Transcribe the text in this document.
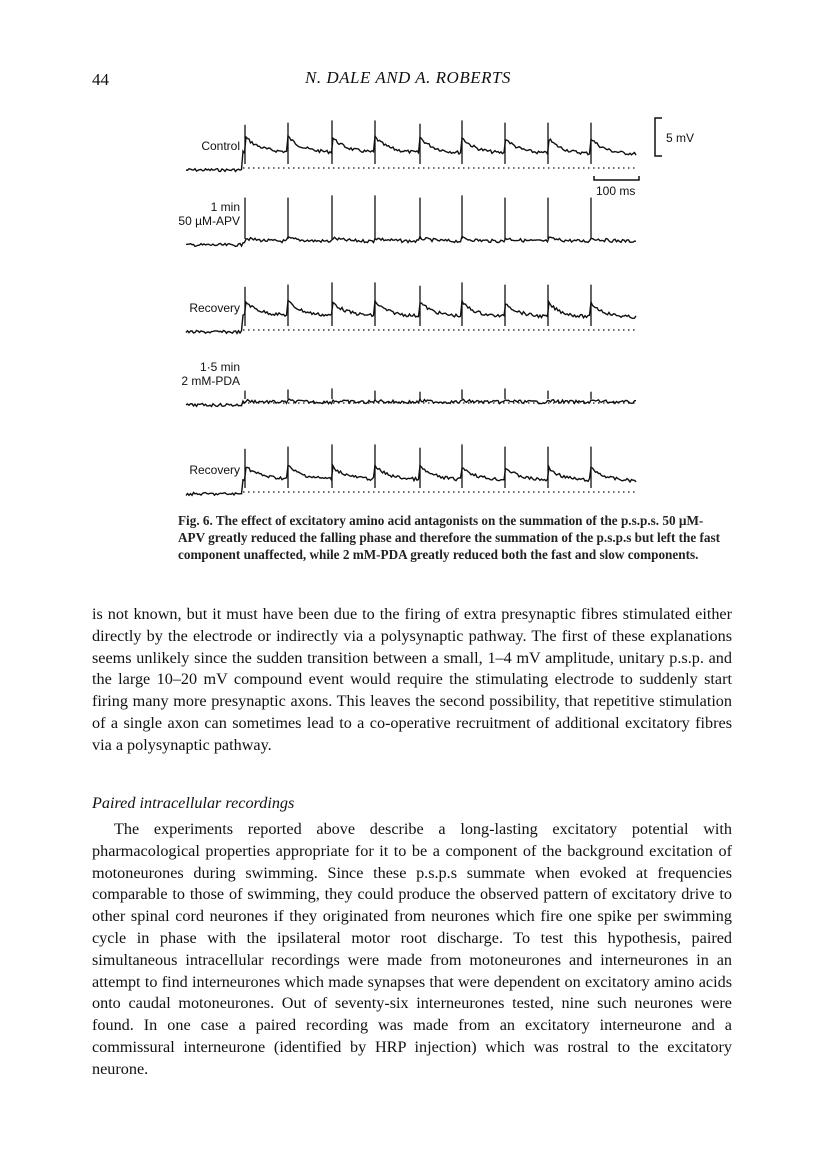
44	N. DALE AND A. ROBERTS
Control
1 min
50 µM-APV
Recovery
1·5 min
2 mM-PDA
Recovery
5 mV
100 ms
Fig. 6. The effect of excitatory amino acid antagonists on the summation of the p.s.p.s. 50 µM-APV greatly reduced the falling phase and therefore the summation of the p.s.p.s but left the fast component unaffected, while 2 mM-PDA greatly reduced both the fast and slow components.
is not known, but it must have been due to the firing of extra presynaptic fibres stimulated either directly by the electrode or indirectly via a polysynaptic pathway. The first of these explanations seems unlikely since the sudden transition between a small, 1–4 mV amplitude, unitary p.s.p. and the large 10–20 mV compound event would require the stimulating electrode to suddenly start firing many more presynaptic axons. This leaves the second possibility, that repetitive stimulation of a single axon can sometimes lead to a co-operative recruitment of additional excitatory fibres via a polysynaptic pathway.
Paired intracellular recordings
The experiments reported above describe a long-lasting excitatory potential with pharmacological properties appropriate for it to be a component of the background excitation of motoneurones during swimming. Since these p.s.p.s summate when evoked at frequencies comparable to those of swimming, they could produce the observed pattern of excitatory drive to other spinal cord neurones if they originated from neurones which fire one spike per swimming cycle in phase with the ipsilateral motor root discharge. To test this hypothesis, paired simultaneous intracellular recordings were made from motoneurones and interneurones in an attempt to find interneurones which made synapses that were dependent on excitatory amino acids onto caudal motoneurones. Out of seventy-six interneurones tested, nine such neurones were found. In one case a paired recording was made from an excitatory interneurone and a commissural interneurone (identified by HRP injection) which was rostral to the excitatory neurone.
